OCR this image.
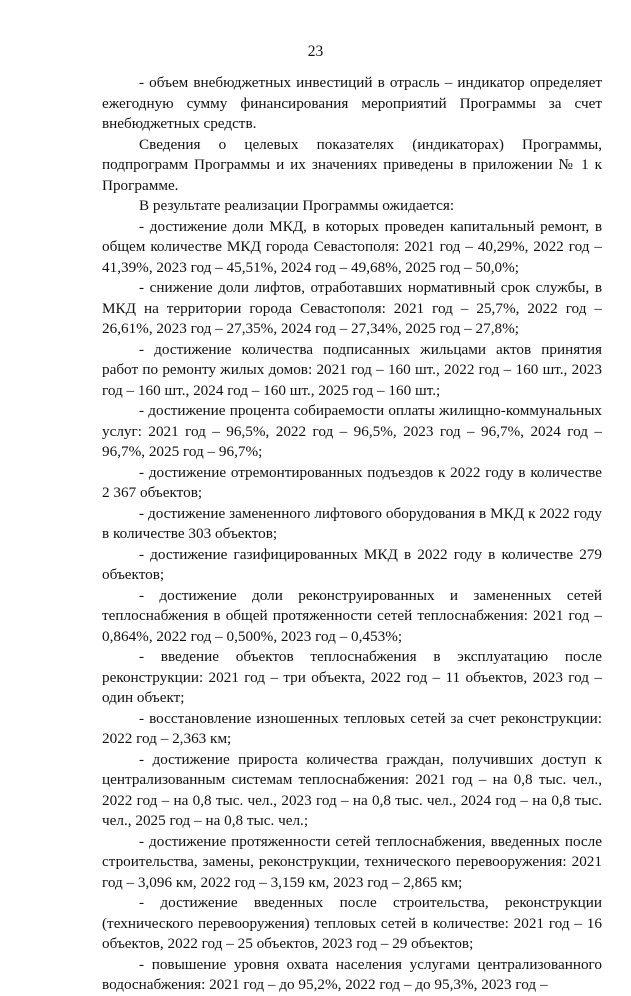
23

- объем внебюджетных инвестиций в отрасль – индикатор определяет ежегодную сумму финансирования мероприятий Программы за счет внебюджетных средств.

Сведения о целевых показателях (индикаторах) Программы, подпрограмм Программы и их значениях приведены в приложении № 1 к Программе.

В результате реализации Программы ожидается:

- достижение доли МКД, в которых проведен капитальный ремонт, в общем количестве МКД города Севастополя: 2021 год – 40,29%, 2022 год – 41,39%, 2023 год – 45,51%, 2024 год – 49,68%, 2025 год – 50,0%;

- снижение доли лифтов, отработавших нормативный срок службы, в МКД на территории города Севастополя: 2021 год – 25,7%, 2022 год – 26,61%, 2023 год – 27,35%, 2024 год – 27,34%, 2025 год – 27,8%;

- достижение количества подписанных жильцами актов принятия работ по ремонту жилых домов: 2021 год – 160 шт., 2022 год – 160 шт., 2023 год – 160 шт., 2024 год – 160 шт., 2025 год – 160 шт.;

- достижение процента собираемости оплаты жилищно-коммунальных услуг: 2021 год – 96,5%, 2022 год – 96,5%, 2023 год – 96,7%, 2024 год – 96,7%, 2025 год – 96,7%;

- достижение отремонтированных подъездов к 2022 году в количестве 2 367 объектов;

- достижение замененного лифтового оборудования в МКД к 2022 году в количестве 303 объектов;

- достижение газифицированных МКД в 2022 году в количестве 279 объектов;

- достижение доли реконструированных и замененных сетей теплоснабжения в общей протяженности сетей теплоснабжения: 2021 год – 0,864%, 2022 год – 0,500%, 2023 год – 0,453%;

- введение объектов теплоснабжения в эксплуатацию после реконструкции: 2021 год – три объекта, 2022 год – 11 объектов, 2023 год – один объект;

- восстановление изношенных тепловых сетей за счет реконструкции: 2022 год – 2,363 км;

- достижение прироста количества граждан, получивших доступ к централизованным системам теплоснабжения: 2021 год – на 0,8 тыс. чел., 2022 год – на 0,8 тыс. чел., 2023 год – на 0,8 тыс. чел., 2024 год – на 0,8 тыс. чел., 2025 год – на 0,8 тыс. чел.;

- достижение протяженности сетей теплоснабжения, введенных после строительства, замены, реконструкции, технического перевооружения: 2021 год – 3,096 км, 2022 год – 3,159 км, 2023 год – 2,865 км;

- достижение введенных после строительства, реконструкции (технического перевооружения) тепловых сетей в количестве: 2021 год – 16 объектов, 2022 год – 25 объектов, 2023 год – 29 объектов;

- повышение уровня охвата населения услугами централизованного водоснабжения: 2021 год – до 95,2%, 2022 год – до 95,3%, 2023 год –
